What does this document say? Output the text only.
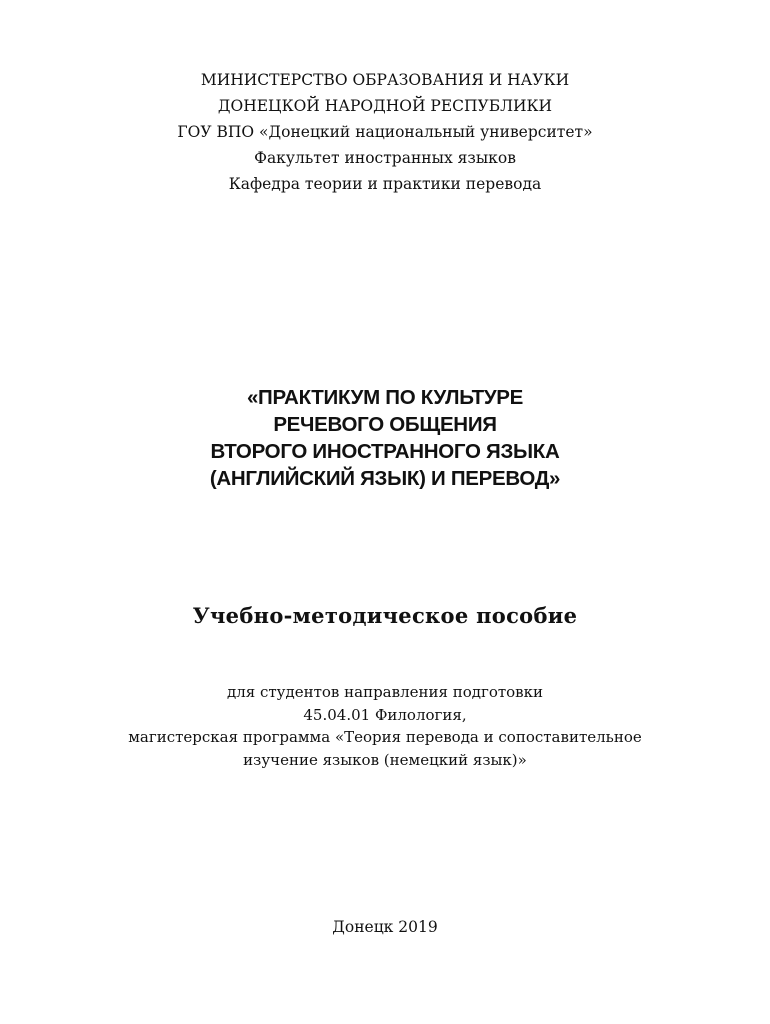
МИНИСТЕРСТВО ОБРАЗОВАНИЯ И НАУКИ
ДОНЕЦКОЙ НАРОДНОЙ РЕСПУБЛИКИ
ГОУ ВПО «Донецкий национальный университет»
Факультет иностранных языков
Кафедра теории и практики перевода
«ПРАКТИКУМ ПО КУЛЬТУРЕ
РЕЧЕВОГО ОБЩЕНИЯ
ВТОРОГО ИНОСТРАННОГО ЯЗЫКА
(АНГЛИЙСКИЙ ЯЗЫК) И ПЕРЕВОД»
Учебно-методическое пособие
для студентов направления подготовки
45.04.01 Филология,
магистерская программа «Теория перевода и сопоставительное
изучение языков (немецкий язык)»
Донецк 2019
